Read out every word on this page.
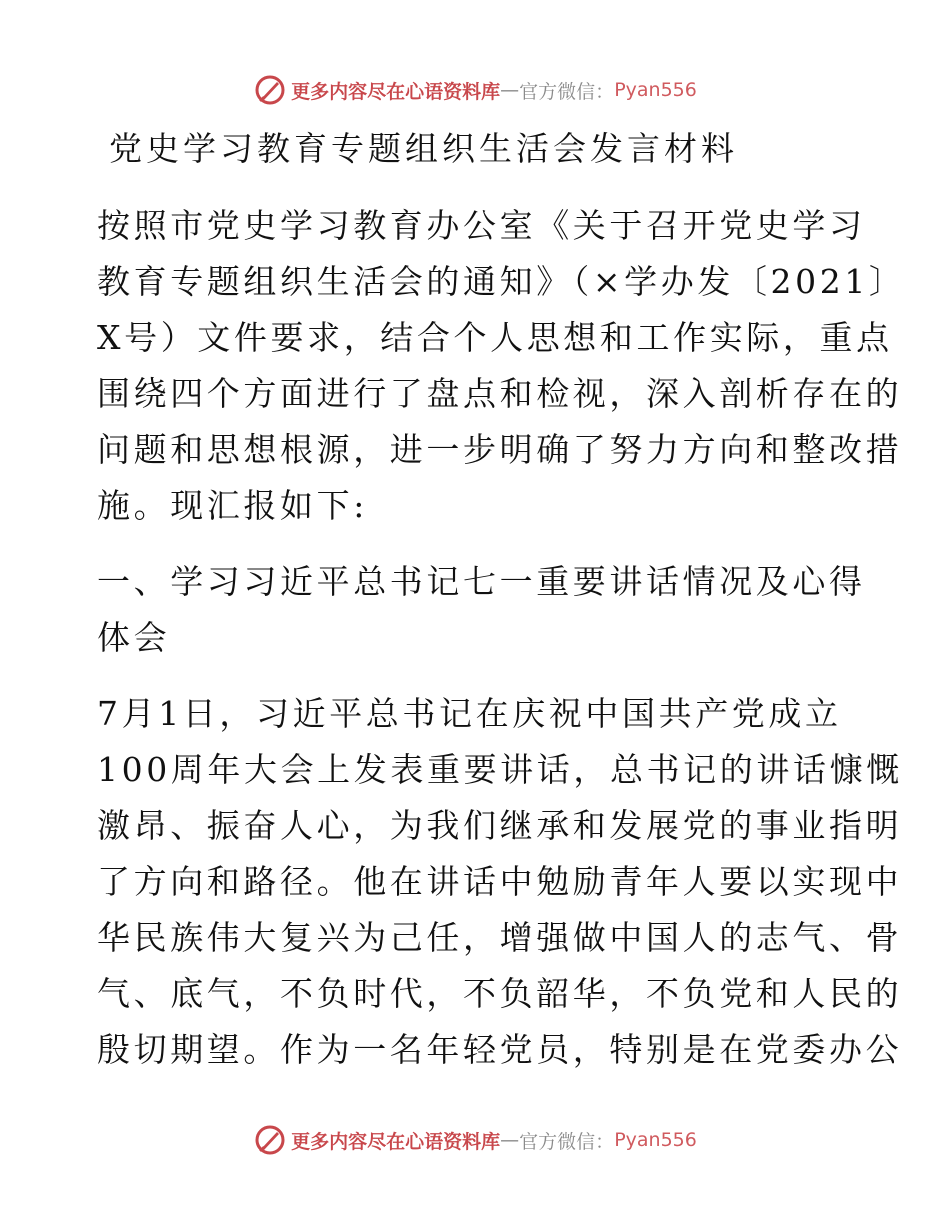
更多内容尽在心语资料库 — 官方微信： Pyan556
党史学习教育专题组织生活会发言材料
按照市党史学习教育办公室《关于召开党史学习
教育专题组织生活会的通知》（×学办发〔2021〕
X号）文件要求，结合个人思想和工作实际，重点
围绕四个方面进行了盘点和检视，深入剖析存在的
问题和思想根源，进一步明确了努力方向和整改措
施。现汇报如下:
一、学习习近平总书记七一重要讲话情况及心得
体会
7月1日，习近平总书记在庆祝中国共产党成立
100周年大会上发表重要讲话，总书记的讲话慷慨
激昂、振奋人心，为我们继承和发展党的事业指明
了方向和路径。他在讲话中勉励青年人要以实现中
华民族伟大复兴为己任，增强做中国人的志气、骨
气、底气，不负时代，不负韶华，不负党和人民的
殷切期望。作为一名年轻党员，特别是在党委办公
更多内容尽在心语资料库 — 官方微信： Pyan556
